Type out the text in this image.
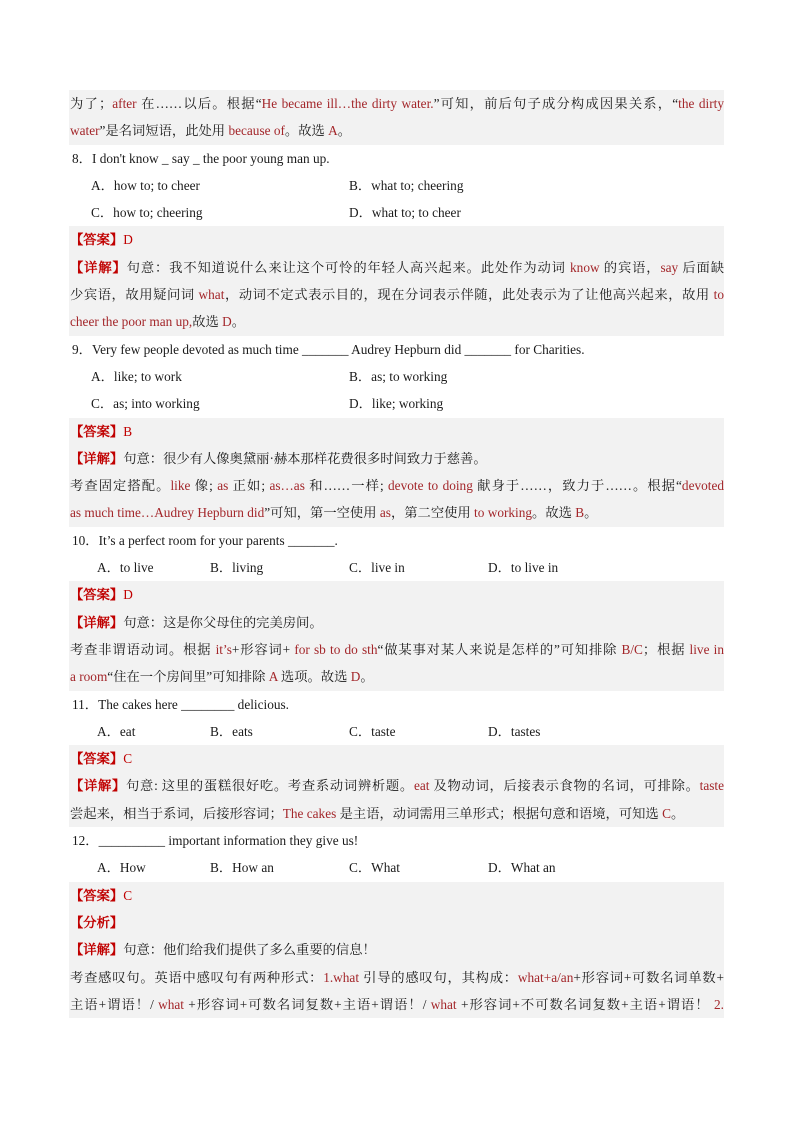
为了；after 在……以后。根据“He became ill…the dirty water.”可知，前后句子成分构成因果关系，“the dirty
water”是名词短语，此处用 because of。故选 A。
8．I don't know _ say _ the poor young man up.
A．how to; to cheer	B．what to; cheering
C．how to; cheering	D．what to; to cheer
【答案】D
【详解】句意：我不知道说什么来让这个可怜的年轻人高兴起来。此处作为动词 know 的宾语，say 后面缺
少宾语，故用疑问词 what，动词不定式表示目的，现在分词表示伴随，此处表示为了让他高兴起来，故用 to
cheer the poor man up,故选 D。
9．Very few people devoted as much time _______ Audrey Hepburn did _______ for Charities.
A．like; to work	B．as; to working
C．as; into working	D．like; working
【答案】B
【详解】句意：很少有人像奥黛丽·赫本那样花费很多时间致力于慈善。
考查固定搭配。like 像; as 正如; as…as 和……一样; devote to doing 献身于……，致力于……。根据“devoted
as much time…Audrey Hepburn did”可知，第一空使用 as，第二空使用 to working。故选 B。
10．It’s a perfect room for your parents _______.
A．to live	B．living	C．live in	D．to live in
【答案】D
【详解】句意：这是你父母住的完美房间。
考查非谓语动词。根据 it’s+形容词+ for sb to do sth“做某事对某人来说是怎样的”可知排除 B/C；根据 live in
a room“住在一个房间里”可知排除 A 选项。故选 D。
11．The cakes here ________ delicious.
A．eat	B．eats	C．taste	D．tastes
【答案】C
【详解】句意: 这里的蛋糕很好吃。考查系动词辨析题。eat 及物动词，后接表示食物的名词，可排除。taste
尝起来，相当于系词，后接形容词；The cakes 是主语，动词需用三单形式；根据句意和语境，可知选 C。
12．__________ important information they give us!
A．How	B．How an	C．What	D．What an
【答案】C
【分析】
【详解】句意：他们给我们提供了多么重要的信息！
考查感叹句。英语中感叹句有两种形式：1.what 引导的感叹句，其构成：what+a/an+形容词+可数名词单数+
主语+谓语！/ what +形容词+可数名词复数+主语+谓语！/ what +形容词+不可数名词复数+主语+谓语！ 2.
